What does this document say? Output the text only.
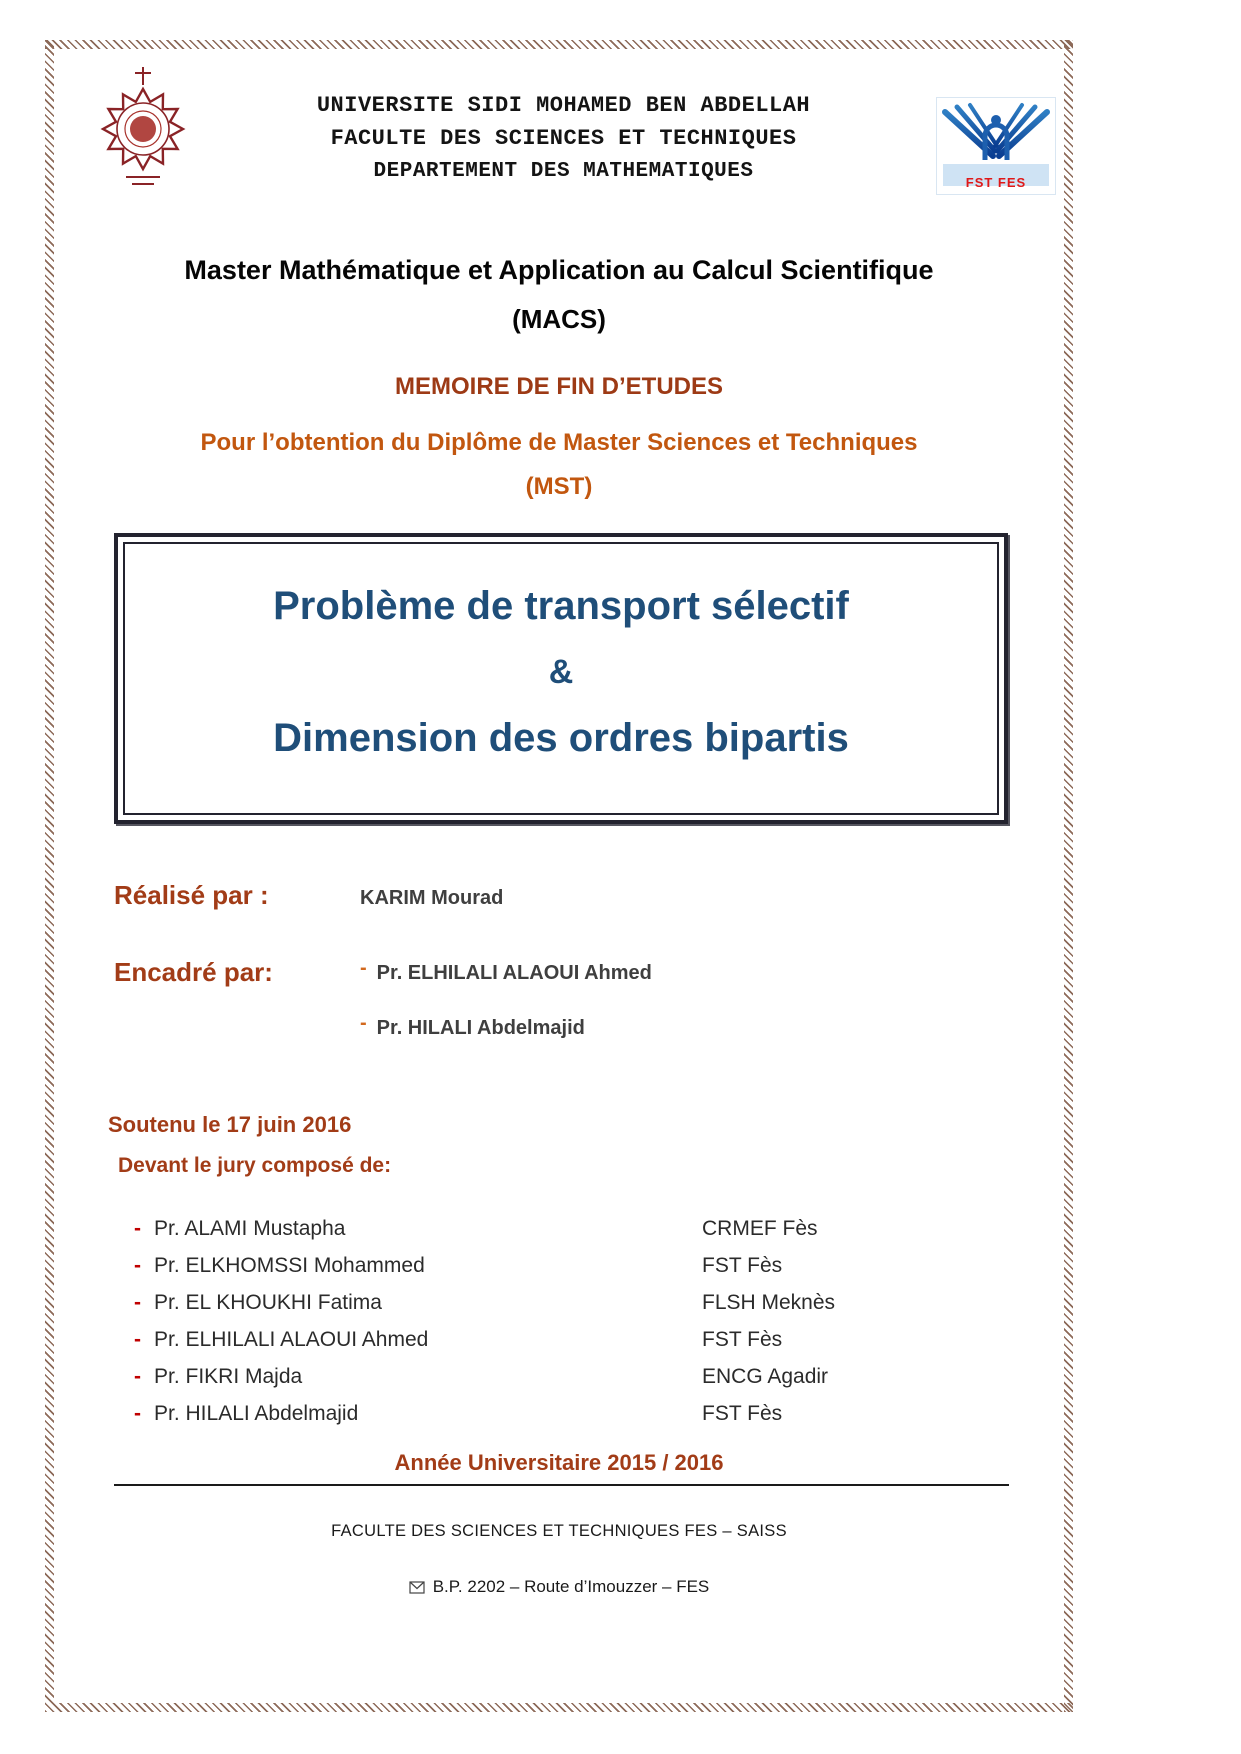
UNIVERSITE SIDI MOHAMED BEN ABDELLAH
FACULTE DES SCIENCES ET TECHNIQUES
DEPARTEMENT DES MATHEMATIQUES	FST FES
Master Mathématique et Application au Calcul Scientifique
(MACS)
MEMOIRE DE FIN D’ETUDES
Pour l’obtention du Diplôme de Master Sciences et Techniques
(MST)
Problème de transport sélectif
&
Dimension des ordres bipartis
Réalisé par :	KARIM Mourad
Encadré par:	- Pr. ELHILALI ALAOUI Ahmed
- Pr. HILALI Abdelmajid
Soutenu le 17 juin 2016
Devant le jury composé de:
- Pr. ALAMI Mustapha	CRMEF Fès
- Pr. ELKHOMSSI Mohammed	FST Fès
- Pr. EL KHOUKHI Fatima	FLSH Meknès
- Pr. ELHILALI ALAOUI Ahmed	FST Fès
- Pr. FIKRI Majda	ENCG Agadir
- Pr. HILALI Abdelmajid	FST Fès
Année Universitaire 2015 / 2016
FACULTE DES SCIENCES ET TECHNIQUES FES – SAISS
B.P. 2202 – Route d’Imouzzer – FES
